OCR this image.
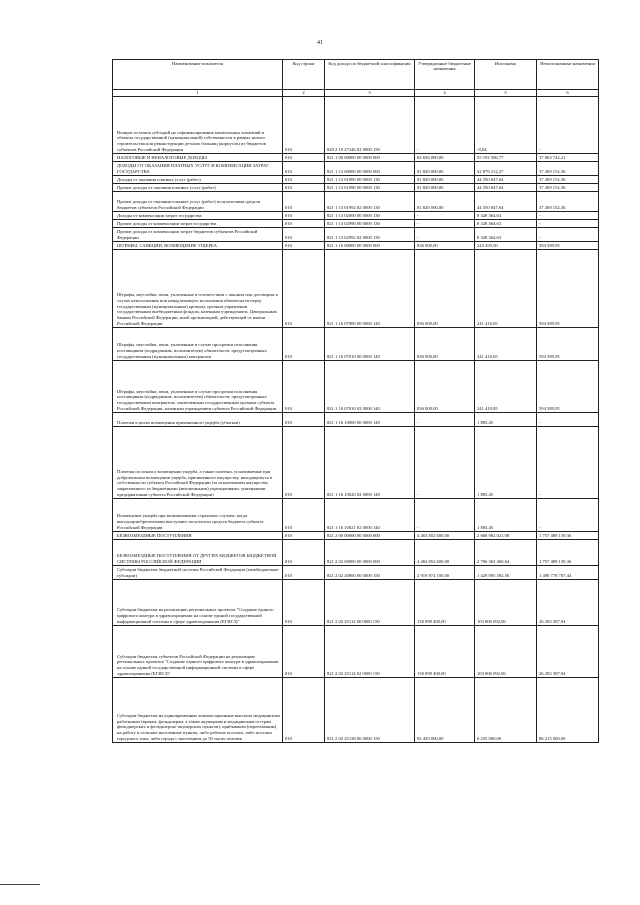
41
Наименование показателя	Код строки	Код дохода по бюджетной классификации	Утвержденные бюджетные назначения	Исполнено	Неисполненные назначения
1	2	3	4	5	6
Возврат остатков субсидий на софинансирование капитальных вложений в объекты государственной (муниципальной) собственности в рамках нового строительства или реконструкции детских больниц (корпусов) из бюджетов субъектов Российской Федерации	010	820 2 19 27246 02 0000 150	-	-0,04	-
НАЛОГОВЫЕ И НЕНАЛОГОВЫЕ ДОХОДЫ	010	821 1 00 00000 00 0000 000	82 656 000,00	55 192 506,77	37 863 742,21
ДОХОДЫ ОТ ОКАЗАНИЯ ПЛАТНЫХ УСЛУГ И КОМПЕНСАЦИИ ЗАТРАТ ГОСУДАРСТВА	010	821 1 13 00000 00 0000 000	81 820 000,00	52 879 212,27	37 269 152,36
Доходы от оказания платных услуг (работ)	010	821 1 13 01000 00 0000 130	81 820 000,00	44 550 847,64	37 269 152,36
Прочие доходы от оказания платных услуг (работ)	010	821 1 13 01990 00 0000 130	81 820 000,00	44 550 847,64	37 269 152,36
Прочие доходы от оказания платных услуг (работ) получателями средств бюджетов субъектов Российской Федерации	010	821 1 13 01992 02 0000 130	81 820 000,00	44 550 847,64	37 269 152,36
Доходы от компенсации затрат государства	010	821 1 13 02000 00 0000 130	-	8 328 364,63	-
Прочие доходы от компенсации затрат государства	010	821 1 13 02990 00 0000 130	-	8 328 364,63	-
Прочие доходы от компенсации затрат бюджетов субъектов Российской Федерации	010	821 1 13 02992 02 0000 130	-	8 328 364,63	-
ШТРАФЫ, САНКЦИИ, ВОЗМЕЩЕНИЕ УЩЕРБА	010	821 1 16 00000 00 0000 000	836 000,00	243 293,50	594 589,95
Штрафы, неустойки, пени, уплаченные в соответствии с законом или договором в случае неисполнения или ненадлежащего исполнения обязательств перед государственным (муниципальным) органом, органом управления государственным внебюджетным фондом, казенным учреждением, Центральным банком Российской Федерации, иной организацией, действующей от имени Российской Федерации	010	821 1 16 07000 00 0000 140	836 000,00	241 410,05	594 589,95
Штрафы, неустойки, пени, уплаченные в случае просрочки исполнения поставщиком (подрядчиком, исполнителем) обязательств, предусмотренных государственным (муниципальным) контрактом	010	821 1 16 07010 00 0000 140	836 000,00	241 410,05	594 589,95
Штрафы, неустойки, пени, уплаченные в случае просрочки исполнения поставщиком (подрядчиком, исполнителем) обязательств, предусмотренных государственным контрактом, заключенным государственным органом субъекта Российской Федерации, казенным учреждением субъекта Российской Федерации	010	821 1 16 07010 02 0000 140	836 000,00	241 410,05	594 589,95
Платежи в целях возмещения причиненного ущерба (убытков)	010	821 1 16 10000 00 0000 140	-	1 883,45	-
Платежи по искам о возмещении ущерба, а также платежи, уплачиваемые при добровольном возмещении ущерба, причиненного имуществу, находящемуся в собственности субъекта Российской Федерации (за исключением имущества, закрепленного за бюджетными (автономными) учреждениями, унитарными предприятиями субъекта Российской Федерации)	010	821 1 16 10020 02 0000 140	-	1 883,45	-
Возмещение ущерба при возникновении страховых случаев, когда выгодоприобретателями выступают получатели средств бюджета субъекта Российской Федерации	010	821 1 16 10021 02 0000 140	-	1 883,45	-
БЕЗВОЗМЕЗДНЫЕ ПОСТУПЛЕНИЯ	010	821 2 00 00000 00 0000 000	4 463 852 600,00	2 668 982 021,08	1 757 489 139,36
БЕЗВОЗМЕЗДНЫЕ ПОСТУПЛЕНИЯ ОТ ДРУГИХ БЮДЖЕТОВ БЮДЖЕТНОЙ СИСТЕМЫ РОССИЙСКОЙ ФЕДЕРАЦИИ	010	821 2 02 00000 00 0000 000	4 463 852 600,00	2 706 363 460,64	1 757 489 139,36
Субсидии бюджетам бюджетной системы Российской Федерации (межбюджетные субсидии)	010	821 2 02 20000 00 0000 150	2 919 874 100,00	1 429 095 392,56	1 490 778 707,44
Субсидии бюджетам на реализацию региональных проектов "Создание единого цифрового контура в здравоохранении на основе единой государственной информационной системы в сфере здравоохранения (ЕГИСЗ)"	010	821 2 02 25114 00 0000 150	130 099 400,00	103 806 092,06	26 293 307,94
Субсидии бюджетам субъектов Российской Федерации на реализацию региональных проектов "Создание единого цифрового контура в здравоохранении на основе единой государственной информационной системы в сфере здравоохранения (ЕГИСЗ)"	010	821 2 02 25114 02 0000 150	130 099 400,00	103 806 092,06	26 293 307,94
Субсидии бюджетам на единовременные компенсационные выплаты медицинским работникам (врачам, фельдшерам, а также акушеркам и медицинским сестрам фельдшерских и фельдшерско-акушерских пунктов), прибывшим (переехавшим) на работу в сельские населенные пункты, либо рабочие поселки, либо поселки городского типа, либо города с населением до 50 тысяч человек	010	821 2 02 25138 00 0000 150	92 450 000,00	6 235 000,00	86 215 000,00
